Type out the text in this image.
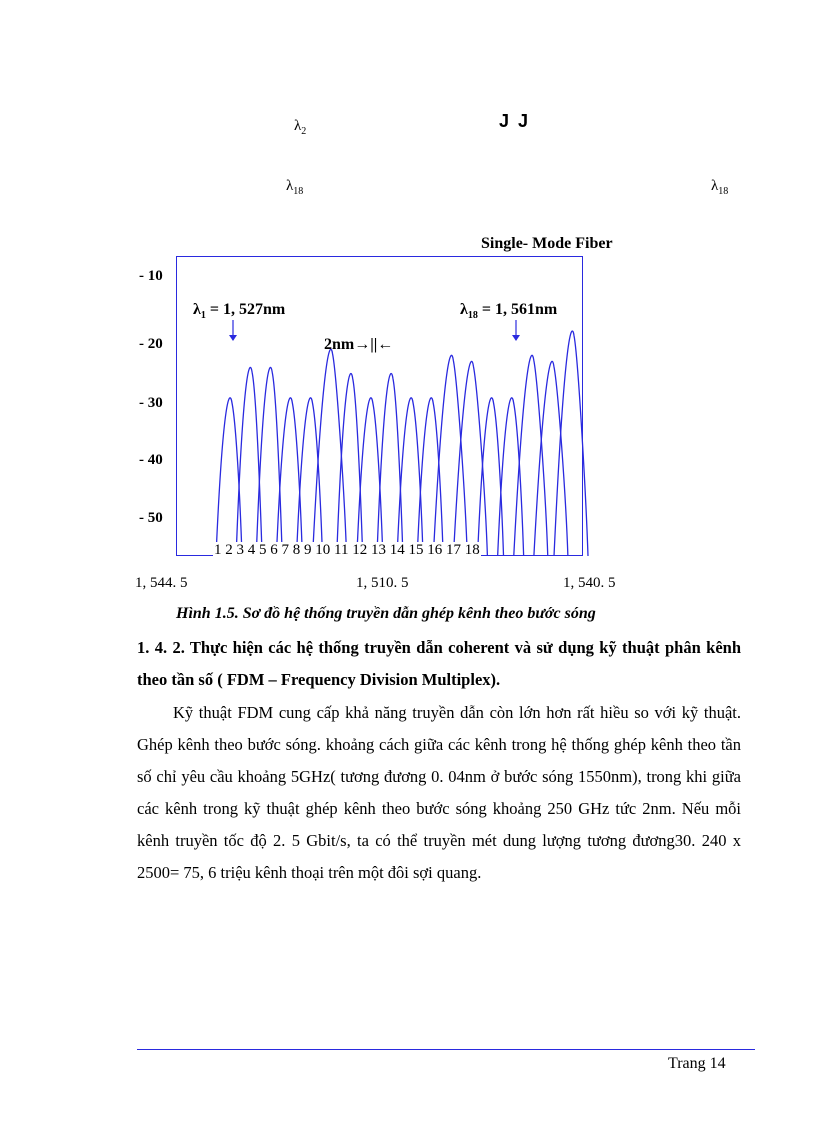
$\lambda_2$
J J
$\lambda_{18}$	$\lambda_{18}$
Single- Mode Fiber
- 10
- 20
- 30
- 40
- 50
$\lambda_1 = 1$, 527nm	$\lambda_{18} = 1$, 561nm
2nm→||←
1 2 3 4 5 6 7 8 9 10 11 12 13 14 15 16 17 18
1, 544. 5	1, 510. 5	1, 540. 5
Hình 1.5. Sơ đồ hệ thống truyền dẫn ghép kênh theo bước sóng
1. 4. 2. Thực hiện các hệ thống truyền dẫn coherent và sử dụng kỹ thuật phân kênh theo tần số ( FDM – Frequency Division Multiplex).

Kỹ thuật FDM cung cấp khả năng truyền dẫn còn lớn hơn rất hiều so với kỹ thuật. Ghép kênh theo bước sóng. khoảng cách giữa các kênh trong hệ thống ghép kênh theo tần số chỉ yêu cầu khoảng 5GHz( tương đương 0. 04nm ở bước sóng 1550nm), trong khi giữa các kênh trong kỹ thuật ghép kênh theo bước sóng khoảng 250 GHz tức 2nm. Nếu mỗi kênh truyền tốc độ 2. 5 Gbit/s, ta có thể truyền mét dung lượng tương đương30. 240 x 2500= 75, 6 triệu kênh thoại trên một đôi sợi quang.

Trang 14
